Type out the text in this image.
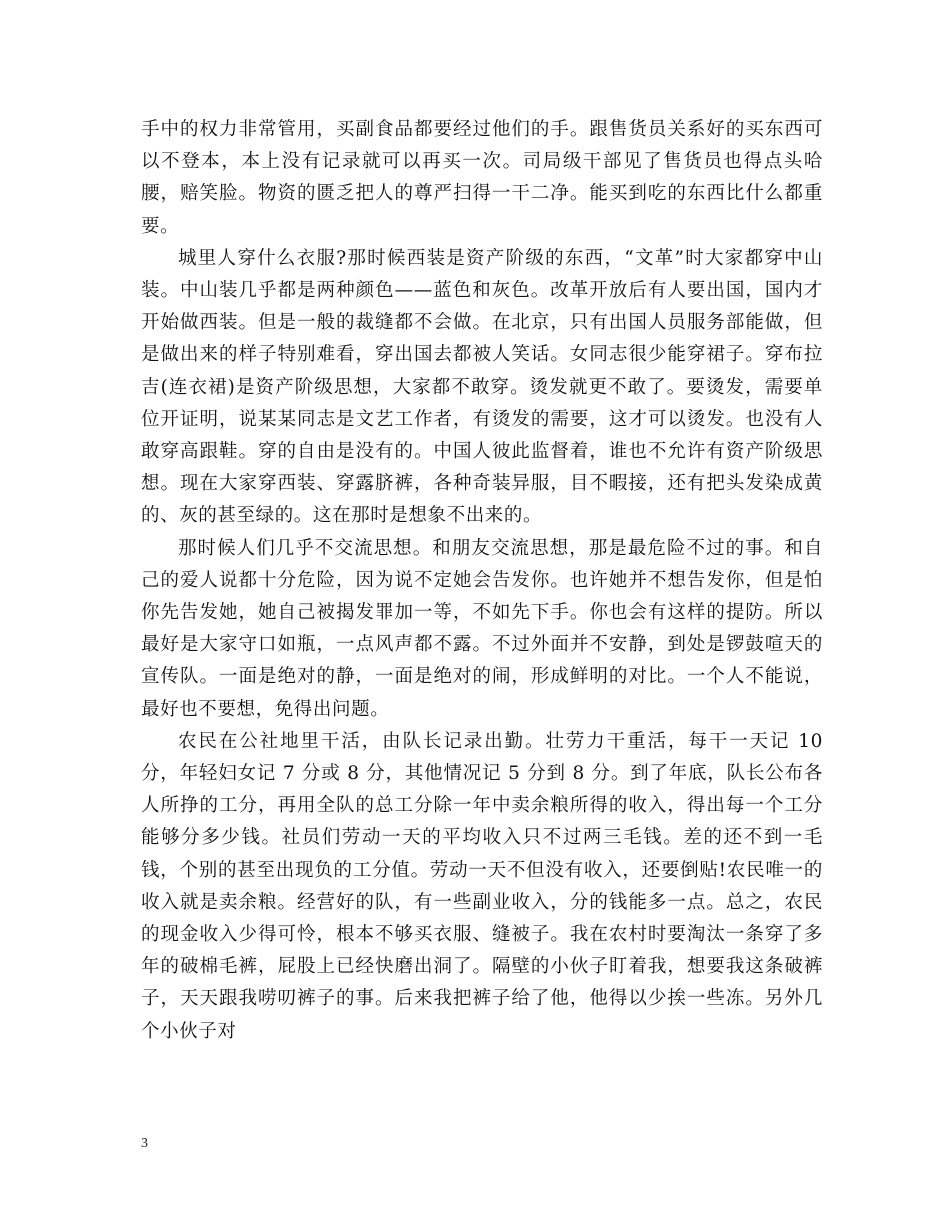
手中的权力非常管用，买副食品都要经过他们的手。跟售货员关系好的买东西可以不登本，本上没有记录就可以再买一次。司局级干部见了售货员也得点头哈腰，赔笑脸。物资的匮乏把人的尊严扫得一干二净。能买到吃的东西比什么都重要。

城里人穿什么衣服?那时候西装是资产阶级的东西，“文革”时大家都穿中山装。中山装几乎都是两种颜色——蓝色和灰色。改革开放后有人要出国，国内才开始做西装。但是一般的裁缝都不会做。在北京，只有出国人员服务部能做，但是做出来的样子特别难看，穿出国去都被人笑话。女同志很少能穿裙子。穿布拉吉(连衣裙)是资产阶级思想，大家都不敢穿。烫发就更不敢了。要烫发，需要单位开证明，说某某同志是文艺工作者，有烫发的需要，这才可以烫发。也没有人敢穿高跟鞋。穿的自由是没有的。中国人彼此监督着，谁也不允许有资产阶级思想。现在大家穿西装、穿露脐裤，各种奇装异服，目不暇接，还有把头发染成黄的、灰的甚至绿的。这在那时是想象不出来的。

那时候人们几乎不交流思想。和朋友交流思想，那是最危险不过的事。和自己的爱人说都十分危险，因为说不定她会告发你。也许她并不想告发你，但是怕你先告发她，她自己被揭发罪加一等，不如先下手。你也会有这样的提防。所以最好是大家守口如瓶，一点风声都不露。不过外面并不安静，到处是锣鼓喧天的宣传队。一面是绝对的静，一面是绝对的闹，形成鲜明的对比。一个人不能说，最好也不要想，免得出问题。

农民在公社地里干活，由队长记录出勤。壮劳力干重活，每干一天记 10 分，年轻妇女记 7 分或 8 分，其他情况记 5 分到 8 分。到了年底，队长公布各人所挣的工分，再用全队的总工分除一年中卖余粮所得的收入，得出每一个工分能够分多少钱。社员们劳动一天的平均收入只不过两三毛钱。差的还不到一毛钱，个别的甚至出现负的工分值。劳动一天不但没有收入，还要倒贴!农民唯一的收入就是卖余粮。经营好的队，有一些副业收入，分的钱能多一点。总之，农民的现金收入少得可怜，根本不够买衣服、缝被子。我在农村时要淘汰一条穿了多年的破棉毛裤，屁股上已经快磨出洞了。隔壁的小伙子盯着我，想要我这条破裤子，天天跟我唠叨裤子的事。后来我把裤子给了他，他得以少挨一些冻。另外几个小伙子对

3
